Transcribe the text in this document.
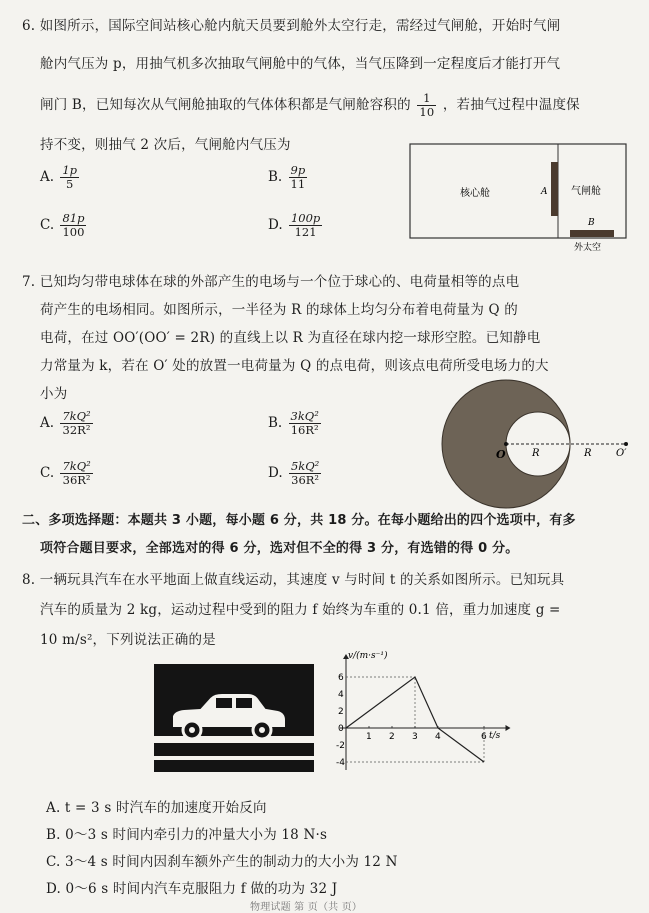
6. 如图所示，国际空间站核心舱内航天员要到舱外太空行走，需经过气闸舱，开始时气闸
舱内气压为 p，用抽气机多次抽取气闸舱中的气体，当气压降到一定程度后才能打开气
闸门 B，已知每次从气闸舱抽取的气体体积都是气闸舱容积的 $\frac{1}{10}$ ，若抽气过程中温度保
持不变，则抽气 2 次后，气闸舱内气压为
A. $\frac{1p}{5}$	B. $\frac{9p}{11}$
C. $\frac{81p}{100}$	D. $\frac{100p}{121}$
核心舱	A 气闸舱
B
外太空
7. 已知均匀带电球体在球的外部产生的电场与一个位于球心的、电荷量相等的点电
荷产生的电场相同。如图所示，一半径为 R 的球体上均匀分布着电荷量为 Q 的
电荷，在过 OO′(OO′ = 2R) 的直线上以 R 为直径在球内挖一球形空腔。已知静电
力常量为 k，若在 O′ 处的放置一电荷量为 Q 的点电荷，则该点电荷所受电场力的大
小为
A. $\frac{\text{7kQ²}}{\text{32R²}}$	B. $\frac{\text{3kQ²}}{\text{16R²}}$
C. $\frac{\text{7kQ²}}{\text{36R²}}$	D. $\frac{\text{5kQ²}}{\text{36R²}}$
O	R	R O′
二、多项选择题：本题共 3 小题，每小题 6 分，共 18 分。在每小题给出的四个选项中，有多
项符合题目要求，全部选对的得 6 分，选对但不全的得 3 分，有选错的得 0 分。
8. 一辆玩具汽车在水平地面上做直线运动，其速度 v 与时间 t 的关系如图所示。已知玩具
汽车的质量为 2 kg，运动过程中受到的阻力 f 始终为车重的 0.1 倍，重力加速度 g =
10 m/s²，下列说法正确的是
v/(m·s⁻¹)
t/s
1 2 3 4	6
6
4
2
0
-2
-4
A. t = 3 s 时汽车的加速度开始反向
B. 0～3 s 时间内牵引力的冲量大小为 18 N·s
C. 3～4 s 时间内因刹车额外产生的制动力的大小为 12 N
D. 0～6 s 时间内汽车克服阻力 f 做的功为 32 J
物理试题 第 页（共 页）
